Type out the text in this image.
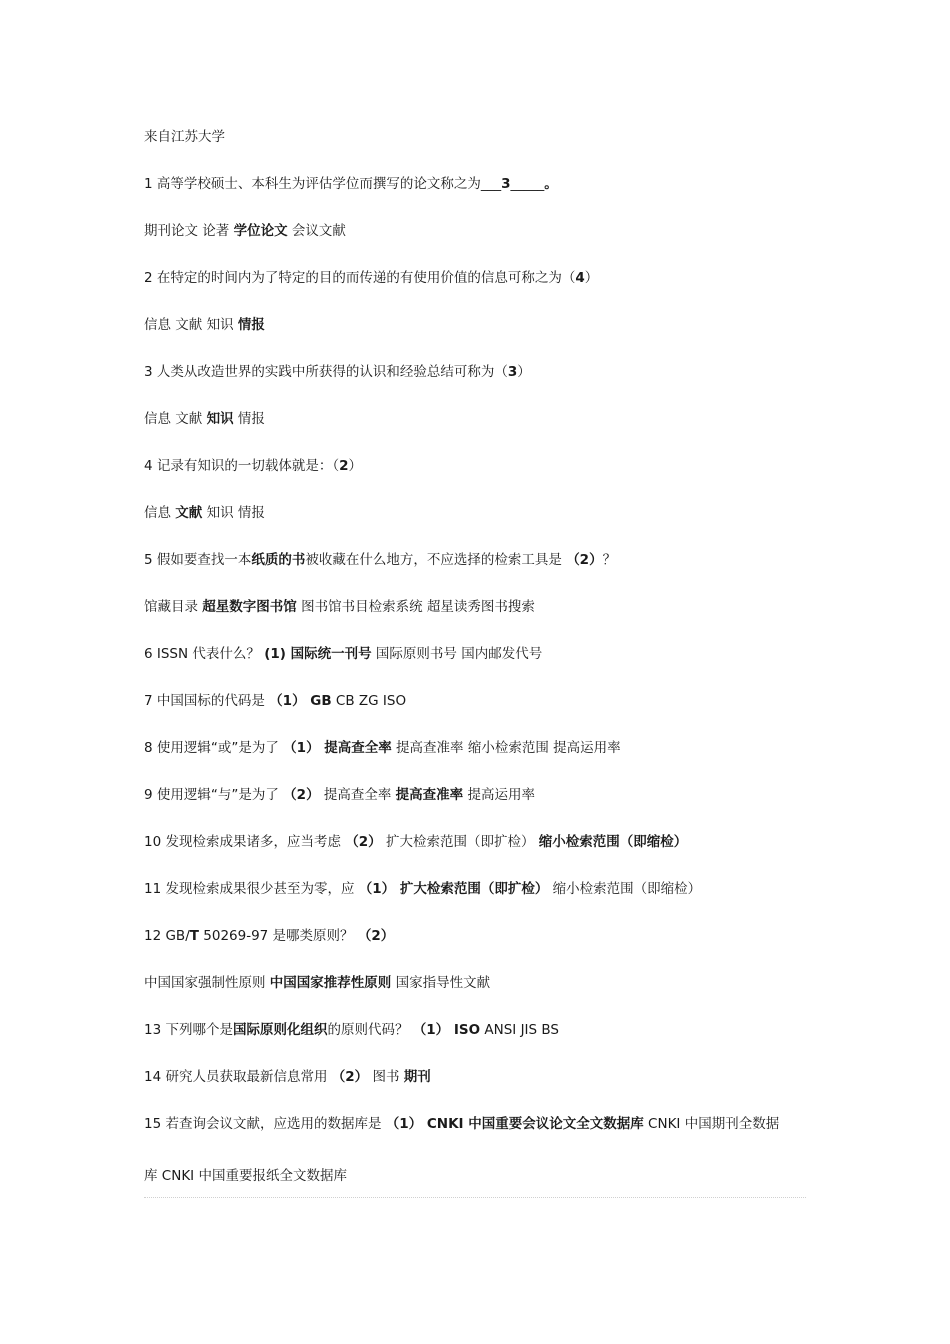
来自江苏大学
1 高等学校硕士、本科生为评估学位而撰写的论文称之为___3_____。
期刊论文 论著 学位论文 会议文献
2 在特定的时间内为了特定的目的而传递的有使用价值的信息可称之为（4）
信息 文献 知识 情报
3 人类从改造世界的实践中所获得的认识和经验总结可称为（3）
信息 文献 知识 情报
4 记录有知识的一切载体就是：（2）
信息 文献 知识 情报
5 假如要查找一本纸质的书被收藏在什么地方，不应选择的检索工具是 （2）？
馆藏目录 超星数字图书馆 图书馆书目检索系统 超星读秀图书搜索
6 ISSN 代表什么？ (1) 国际统一刊号 国际原则书号 国内邮发代号
7 中国国标的代码是 （1） GB CB ZG ISO
8 使用逻辑“或”是为了 （1） 提高查全率 提高查准率 缩小检索范围 提高运用率
9 使用逻辑“与”是为了 （2） 提高查全率 提高查准率 提高运用率
10 发现检索成果诸多，应当考虑 （2） 扩大检索范围（即扩检） 缩小检索范围（即缩检）
11 发现检索成果很少甚至为零，应 （1） 扩大检索范围（即扩检） 缩小检索范围（即缩检）
12 GB/T 50269-97 是哪类原则？ （2）
中国国家强制性原则 中国国家推荐性原则 国家指导性文献
13 下列哪个是国际原则化组织的原则代码？ （1） ISO ANSI JIS BS
14 研究人员获取最新信息常用 （2） 图书 期刊
15 若查询会议文献，应选用的数据库是 （1） CNKI 中国重要会议论文全文数据库 CNKI 中国期刊全数据
库 CNKI 中国重要报纸全文数据库
